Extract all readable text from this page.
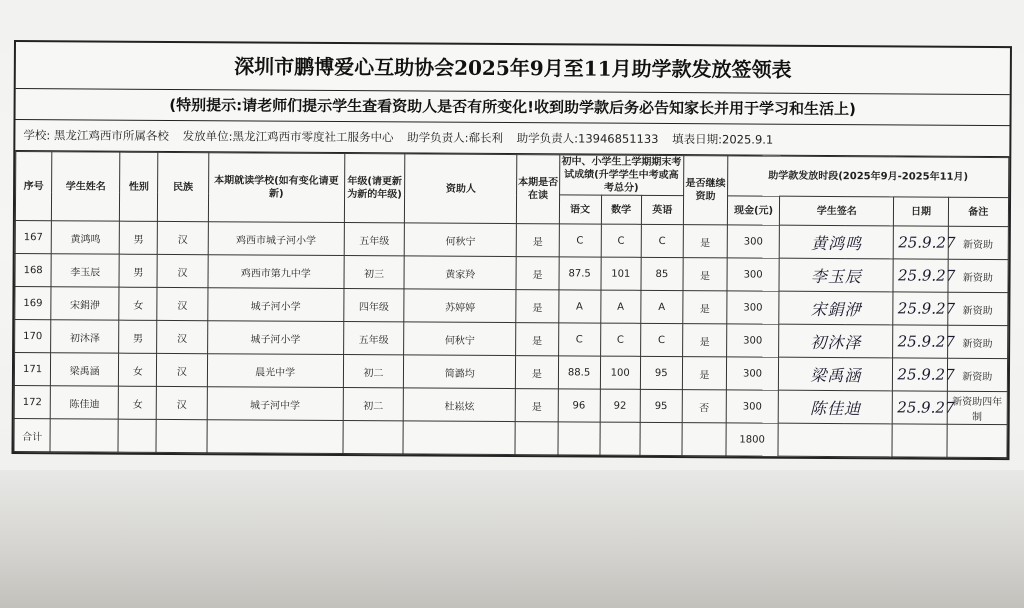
深圳市鹏博爱心互助协会2025年9月至11月助学款发放签领表
(特别提示:请老师们提示学生查看资助人是否有所变化!收到助学款后务必告知家长并用于学习和生活上)
学校: 黑龙江鸡西市所属各校 发放单位:黑龙江鸡西市零度社工服务中心 助学负责人:郗长利 助学负责人:13946851133 填表日期:2025.9.1
序号	学生姓名	性别	民族	本期就读学校(如有变化请更新)	年级(请更新为新的年级)	资助人	本期是否在读	初中、小学生上学期期末考试成绩(升学学生中考或高考总分)			是否继续资助	助学款发放时段(2025年9月-2025年11月)			
								语文	数学	英语		现金(元)	学生签名	日期	备注
167	黄鸿鸣	男	汉	鸡西市城子河小学	五年级	何秋宁	是	C	C	C	是	300	黄鸿鸣	25.9.27	新资助
168	李玉辰	男	汉	鸡西市第九中学	初三	黄家羚	是	87.5	101	85	是	300	李玉辰	25.9.27	新资助
169	宋鋗洢	女	汉	城子河小学	四年级	苏婷婷	是	A	A	A	是	300	宋鋗洢	25.9.27	新资助
170	初沐泽	男	汉	城子河小学	五年级	何秋宁	是	C	C	C	是	300	初沐泽	25.9.27	新资助
171	梁禹涵	女	汉	晨光中学	初二	简潞均	是	88.5	100	95	是	300	梁禹涵	25.9.27	新资助
172	陈佳迪	女	汉	城子河中学	初二	杜崧炫	是	96	92	95	否	300	陈佳迪	25.9.27	新资助四年制
合计												1800			
